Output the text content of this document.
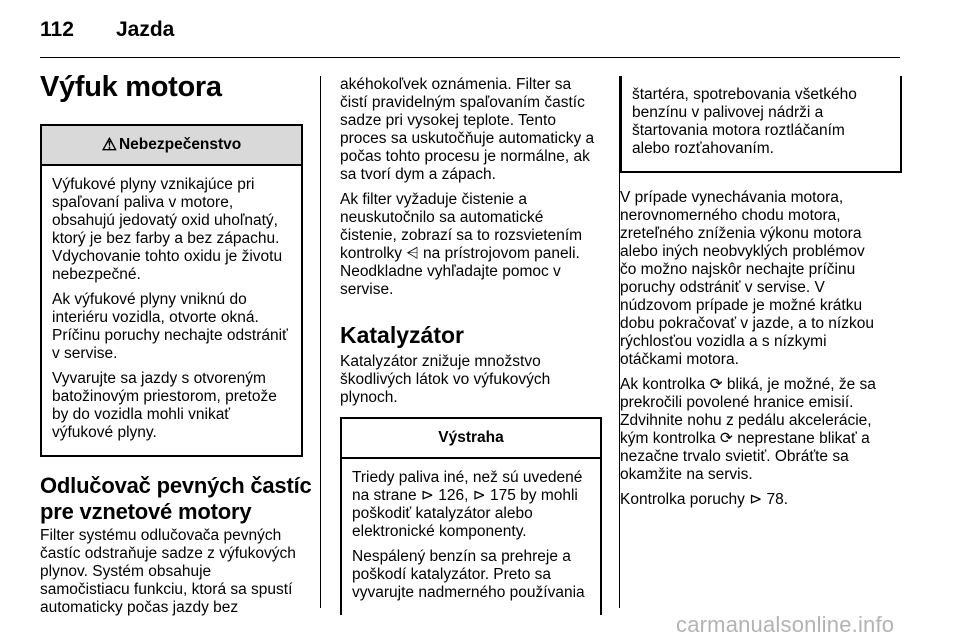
112 Jazda
Výfuk motora
⚠ Nebezpečenstvo

Výfukové plyny vznikajúce pri
spaľovaní paliva v motore,
obsahujú jedovatý oxid uhoľnatý,
ktorý je bez farby a bez zápachu.
Vdychovanie tohto oxidu je životu
nebezpečné.

Ak výfukové plyny vniknú do
interiéru vozidla, otvorte okná.
Príčinu poruchy nechajte odstrániť
v servise.

Vyvarujte sa jazdy s otvoreným
batožinovým priestorom, pretože
by do vozidla mohli vnikať
výfukové plyny.

Odlučovač pevných častíc
pre vznetové motory

Filter systému odlučovača pevných
častíc odstraňuje sadze z výfukových
plynov. Systém obsahuje
samočistiacu funkciu, ktorá sa spustí
automaticky počas jazdy bez

akéhokoľvek oznámenia. Filter sa
čistí pravidelným spaľovaním častíc
sadze pri vysokej teplote. Tento
proces sa uskutočňuje automaticky a
počas tohto procesu je normálne, ak
sa tvorí dym a zápach.

Ak filter vyžaduje čistenie a
neuskutočnilo sa automatické
čistenie, zobrazí sa to rozsvietením
kontrolky ⩤ na prístrojovom paneli.
Neodkladne vyhľadajte pomoc v
servise.

Katalyzátor

Katalyzátor znižuje množstvo
škodlivých látok vo výfukových
plynoch.

Výstraha

Triedy paliva iné, než sú uvedené
na strane ⊳ 126, ⊳ 175 by mohli
poškodiť katalyzátor alebo
elektronické komponenty.

Nespálený benzín sa prehreje a
poškodí katalyzátor. Preto sa
vyvarujte nadmerného používania

štartéra, spotrebovania všetkého
benzínu v palivovej nádrži a
štartovania motora roztláčaním
alebo rozťahovaním.

V prípade vynechávania motora,
nerovnomerného chodu motora,
zreteľného zníženia výkonu motora
alebo iných neobvyklých problémov
čo možno najskôr nechajte príčinu
poruchy odstrániť v servise. V
núdzovom prípade je možné krátku
dobu pokračovať v jazde, a to nízkou
rýchlosťou vozidla a s nízkymi
otáčkami motora.

Ak kontrolka ⟳ bliká, je možné, že sa
prekročili povolené hranice emisií.
Zdvihnite nohu z pedálu akcelerácie,
kým kontrolka ⟳ neprestane blikať a
nezačne trvalo svietiť. Obráťte sa
okamžite na servis.

Kontrolka poruchy ⊳ 78.

carmanualsonline.info
